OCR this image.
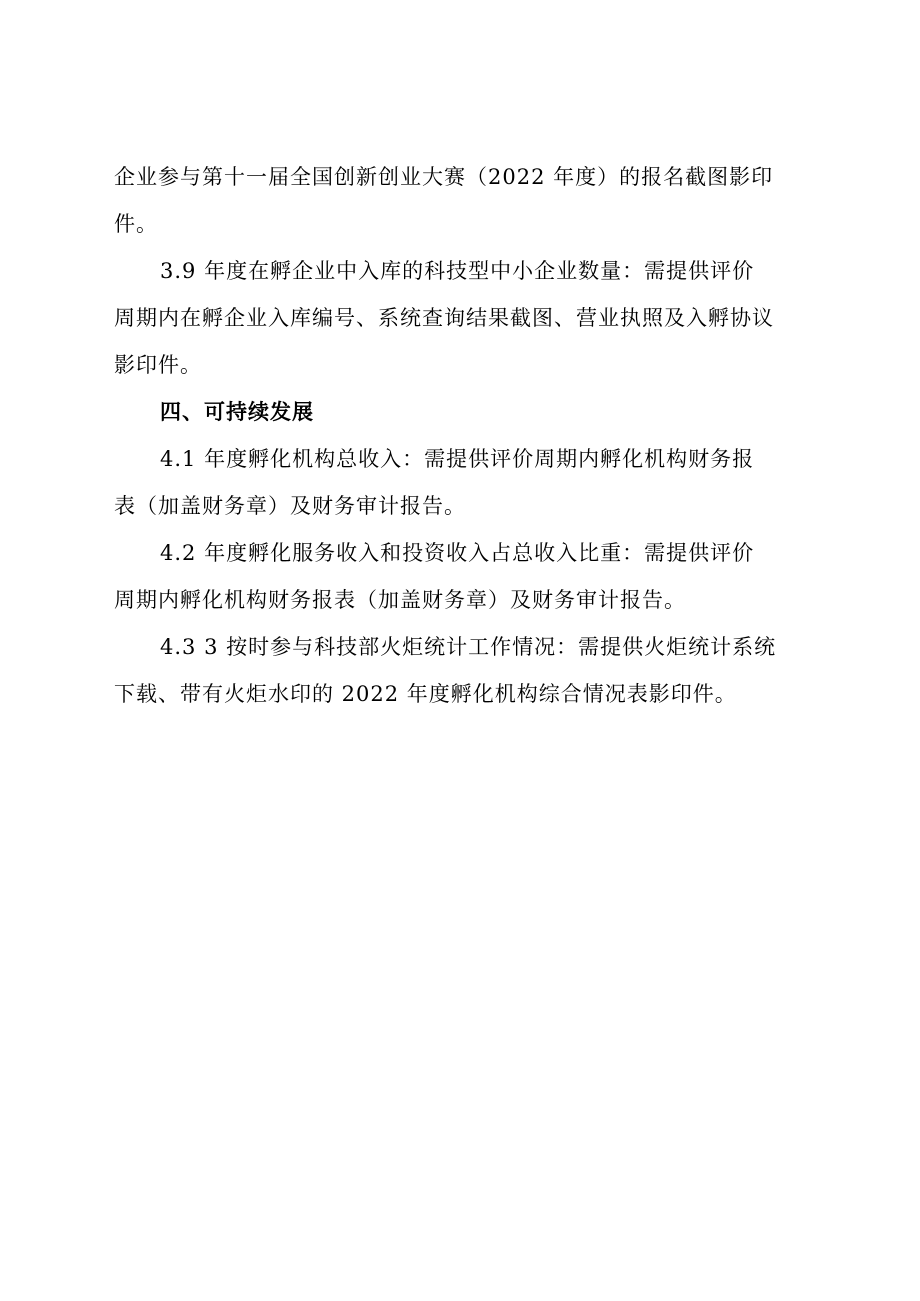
企业参与第十一届全国创新创业大赛（2022 年度）的报名截图影印
件。
3.9 年度在孵企业中入库的科技型中小企业数量：需提供评价
周期内在孵企业入库编号、系统查询结果截图、营业执照及入孵协议
影印件。
四、可持续发展
4.1 年度孵化机构总收入：需提供评价周期内孵化机构财务报
表（加盖财务章）及财务审计报告。
4.2 年度孵化服务收入和投资收入占总收入比重：需提供评价
周期内孵化机构财务报表（加盖财务章）及财务审计报告。
4.3 3 按时参与科技部火炬统计工作情况：需提供火炬统计系统
下载、带有火炬水印的 2022 年度孵化机构综合情况表影印件。
